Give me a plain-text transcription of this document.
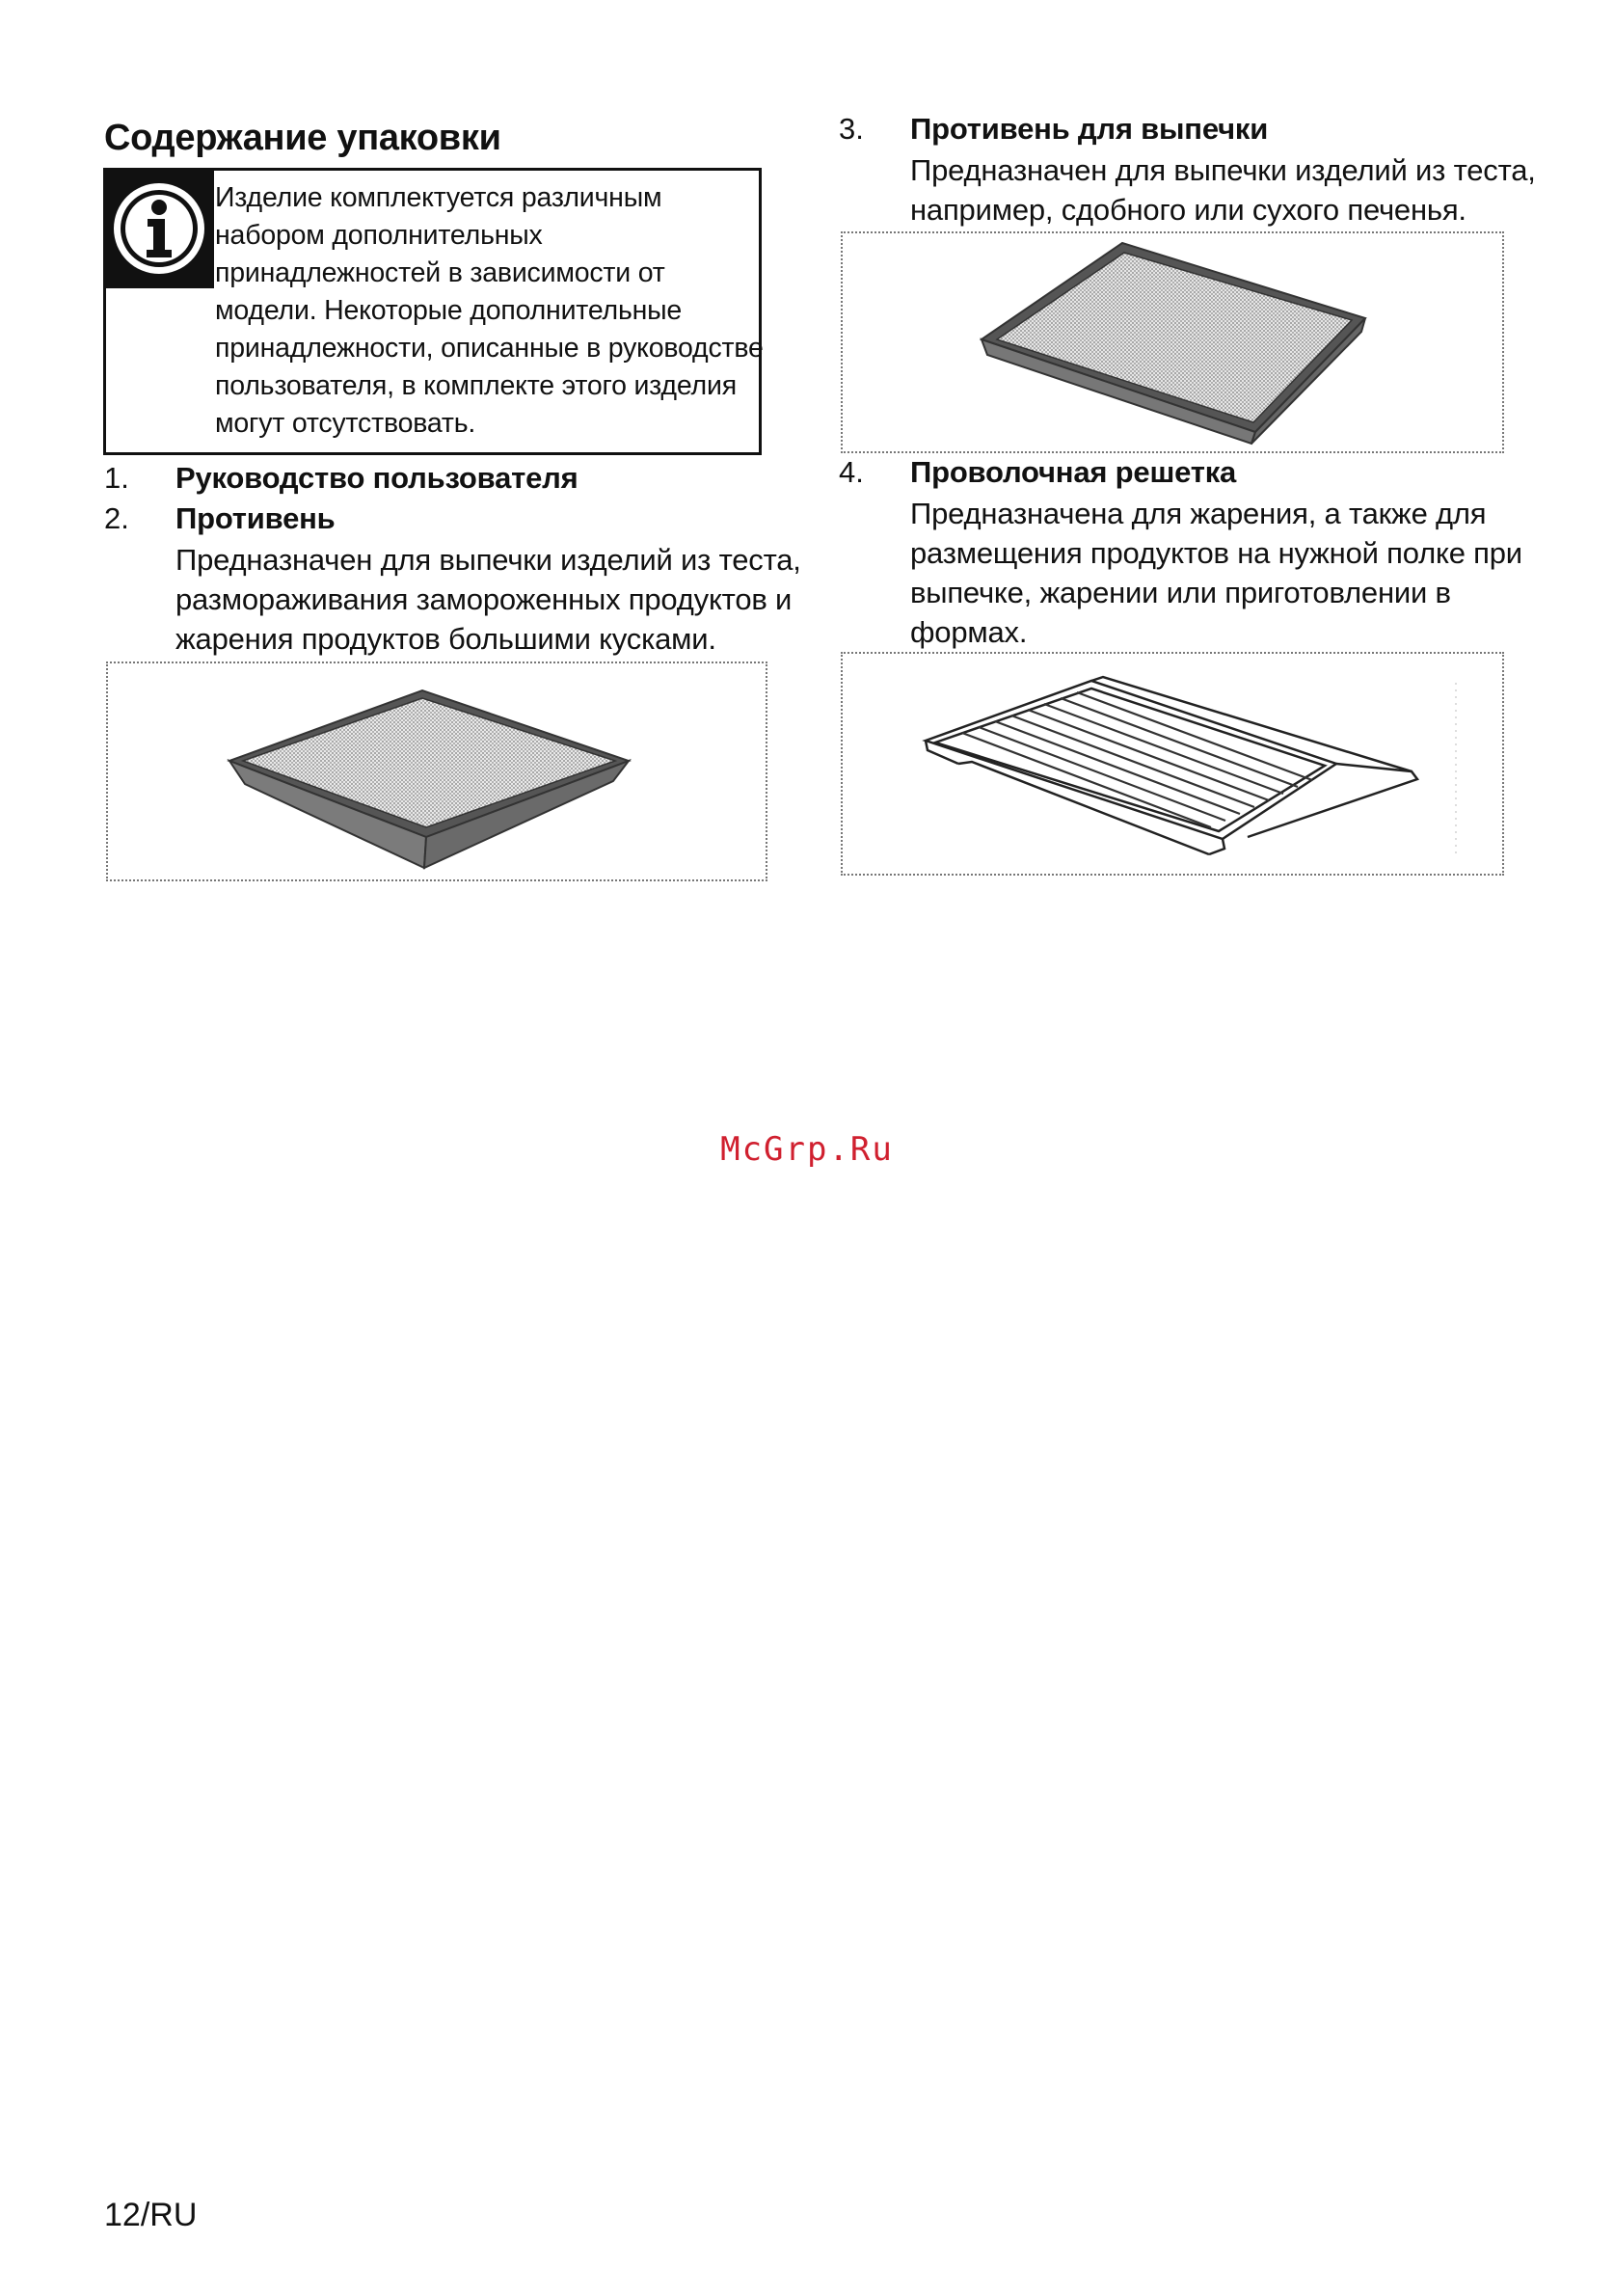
Содержание упаковки
Изделие комплектуется различным
набором дополнительных
принадлежностей в зависимости от
модели. Некоторые дополнительные
принадлежности, описанные в руководстве
пользователя, в комплекте этого изделия
могут отсутствовать.
1. Руководство пользователя
2. Противень
Предназначен для выпечки изделий из теста,
размораживания замороженных продуктов и
жарения продуктов большими кусками.
3. Противень для выпечки
Предназначен для выпечки изделий из теста,
например, сдобного или сухого печенья.
4. Проволочная решетка
Предназначена для жарения, а также для
размещения продуктов на нужной полке при
выпечке, жарении или приготовлении в
формах.
McGrp.Ru
12/RU
